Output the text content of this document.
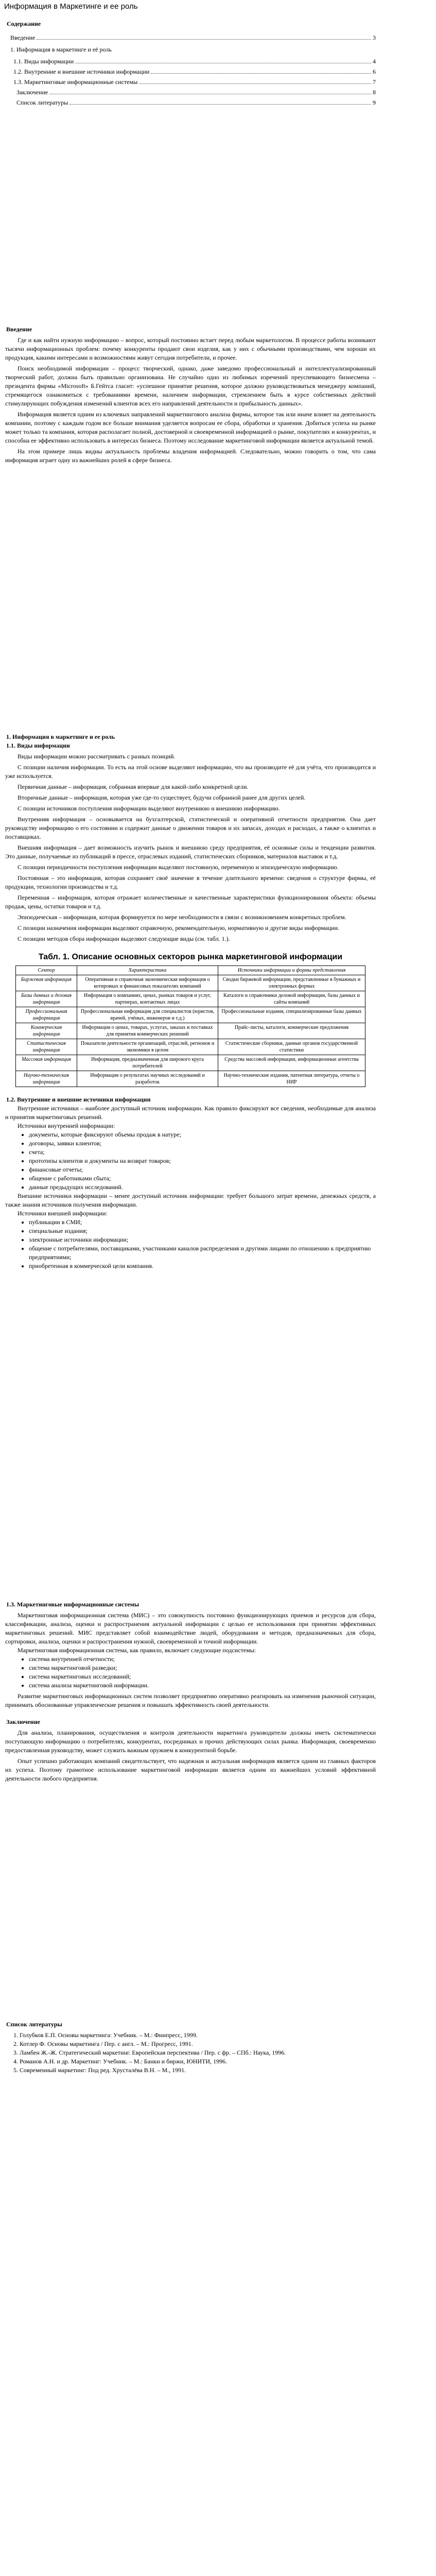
Информация в Маркетинге и ее роль
Содержание
Введение	3
1. Информация в маркетинге и её роль
1.1. Виды информации	4
1.2. Внутренние и внешние источники информации	6
1.3. Маркетинговые информационные системы	7
Заключение	8
Список литературы	9
Введение

Где и как найти нужную информацию – вопрос, который постоянно встает перед любым маркетологом. В процессе работы возникают тысячи информационных проблем: почему конкуренты продают свои изделия, как у них с обычными производствами, чем хороши их продукция, какими интересами и возможностями живут сегодня потребители, и прочее.

Поиск необходимой информации – процесс творческий, однако, даже заведомо профессиональный и интеллектуализированный творческий работ, должна быть правильно организована. Не случайно одно из любимых изречений преуспевающего бизнесмена – президента фирмы «Microsoft» Б.Гейтса гласит: «успешное принятие решения, которое должно руководствоваться менеджеру компаний, стремящегося ознакомиться с требованиями времени, наличием информации, стремлением быть в курсе собственных действий стимулирующих побуждения изменений клиентов всех его направлений деятельности и прибыльность данных».

Информация является одним из ключевых направлений маркетингового анализа фирмы, которое так или иначе влияет на деятельность компании, поэтому с каждым годом все больше внимания уделяется вопросам ее сбора, обработки и хранения. Добиться успеха на рынке может только та компания, которая располагает полной, достоверной и своевременной информацией о рынке, покупателях и конкурентах, и способна ее эффективно использовать в интересах бизнеса. Поэтому исследование маркетинговой информации является актуальной темой.

На этом примере лишь видны актуальность проблемы владения информацией. Следовательно, можно говорить о том, что сама информация играет одну из важнейших ролей в сфере бизнеса.

1. Информация в маркетинге и ее роль
1.1. Виды информации

Виды информации можно рассматривать с разных позиций.

С позиции наличия информации. То есть на этой основе выделяют информацию, что вы производите её для учёта, что производится и уже используется.

Первичная данные – информация, собранная впервые для какой-либо конкретной цели.

Вторичные данные – информация, которая уже где-то существует, будучи собранной ранее для других целей.

С позиции источников поступления информации выделяют внутреннюю и внешнюю информацию.

Внутренняя информация – основывается на бухгалтерской, статистической и оперативной отчетности предприятия. Она дает руководству информацию о его состоянии и содержит данные о движении товаров и их запасах, доходах и расходах, а также о клиентах и поставщиках.

Внешняя информация – дает возможность изучить рынок и внешнюю среду предприятия, её основные силы и тенденции развития. Это данные, получаемые из публикаций в прессе, отраслевых изданий, статистических сборников, материалов выставок и т.д.

С позиции периодичности поступления информации выделяют постоянную, переменную и эпизодическую информацию.

Постоянная – это информация, которая сохраняет своё значение в течение длительного времени: сведения о структуре фирмы, её продукции, технологии производства и т.д.

Переменная – информация, которая отражает количественные и качественные характеристики функционирования объекта: объемы продаж, цены, остатки товаров и т.д.

Эпизодическая – информация, которая формируется по мере необходимости в связи с возникновением конкретных проблем.

С позиции назначения информации выделяют справочную, рекомендательную, нормативную и другие виды информации.

С позиции методов сбора информации выделяют следующие виды (см. табл. 1.).

Табл. 1. Описание основных секторов рынка маркетинговой информации
Сектор	Характеристика	Источники информации и формы представления
Биржевая информация	Оперативная и справочная экономическая информация о котировках и финансовых показателях компаний	Сводки биржевой информации, представленные в бумажных и электронных формах
Базы данных и деловая информация	Информация о компаниях, ценах, рынках товаров и услуг, партнерах, контактных лицах	Каталоги и справочники деловой информации, базы данных и сайты компаний
Профессиональная информация	Профессиональная информация для специалистов (юристов, врачей, учёных, инженеров и т.д.)	Профессиональные издания, специализированные базы данных
Коммерческая информация	Информация о ценах, товарах, услугах, заказах и поставках для принятия коммерческих решений	Прайс-листы, каталоги, коммерческие предложения
Статистическая информация	Показатели деятельности организаций, отраслей, регионов и экономики в целом	Статистические сборники, данные органов государственной статистики
Массовая информация	Информация, предназначенная для широкого круга потребителей	Средства массовой информации, информационные агентства
Научно-техническая информация	Информация о результатах научных исследований и разработок	Научно-технические издания, патентная литература, отчеты о НИР
1.2. Внутренние и внешние источники информации

Внутренние источники – наиболее доступный источник информации. Как правило фиксируют все сведения, необходимые для анализа и принятия маркетинговых решений.

Источники внутренней информации:

• документы, которые фиксируют объемы продаж в натуре;
• договоры, заявки клиентов;
• счета;
• прототипы клиентов и документы на возврат товаров;
• финансовые отчеты;
• общение с работниками сбыта;
• данные предыдущих исследований.

Внешние источники информации – менее доступный источник информации: требует большого затрат времени, денежных средств, а также знания источников получения информации.

Источники внешней информации:

• публикации в СМИ;
• специальные издания;
• электронные источники информации;
• общение с потребителями, поставщиками, участниками каналов распределения и другими лицами по отношению к предприятию предприятиями;
• приобретенная в коммерческой цели компания.
1.3. Маркетинговые информационные системы

Маркетинговая информационная система (МИС) – это совокупность постоянно функционирующих приемов и ресурсов для сбора, классификации, анализа, оценки и распространения актуальной информации с целью ее использования при принятии эффективных маркетинговых решений. МИС представляет собой взаимодействие людей, оборудования и методов, предназначенных для сбора, сортировки, анализа, оценки и распространения нужной, своевременной и точной информации.

Маркетинговая информационная система, как правило, включает следующие подсистемы:

• система внутренней отчетности;
• система маркетинговой разведки;
• система маркетинговых исследований;
• система анализа маркетинговой информации.

Развитие маркетинговых информационных систем позволяет предприятию оперативно реагировать на изменения рыночной ситуации, принимать обоснованные управленческие решения и повышать эффективность своей деятельности.

Заключение

Для анализа, планирования, осуществления и контроля деятельности маркетинга руководители должны иметь систематически поступающую информацию о потребителях, конкурентах, посредниках и прочих действующих силах рынка. Информация, своевременно предоставленная руководству, может служить важным оружием в конкурентной борьбе.

Опыт успешно работающих компаний свидетельствует, что надежная и актуальная информация является одним из главных факторов их успеха. Поэтому грамотное использование маркетинговой информации является одним из важнейших условий эффективной деятельности любого предприятия.

Список литературы
1. Голубков Е.П. Основы маркетинга: Учебник. – М.: Финпресс, 1999.
2. Котлер Ф. Основы маркетинга / Пер. с англ. – М.: Прогресс, 1991.
3. Ламбен Ж.-Ж. Стратегический маркетинг. Европейская перспектива / Пер. с фр. – СПб.: Наука, 1996.
4. Романов А.Н. и др. Маркетинг: Учебник. – М.: Банки и биржи, ЮНИТИ, 1996.
5. Современный маркетинг: Под ред. Хрусталёва В.Н. – М., 1991.
